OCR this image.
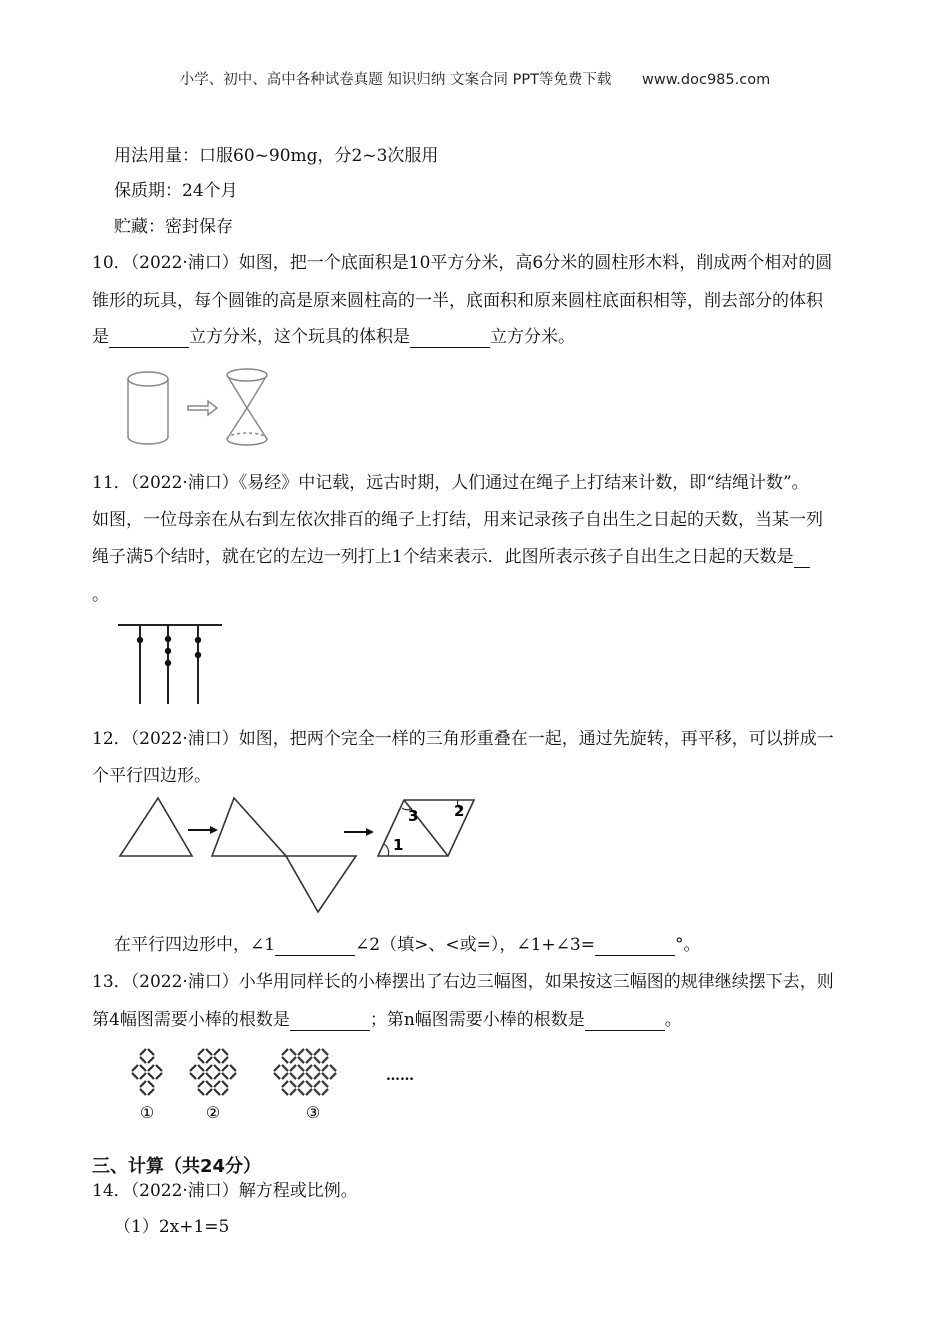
小学、初中、高中各种试卷真题 知识归纳 文案合同 PPT等免费下载 www.doc985.com
用法用量：口服60~90mg，分2~3次服用
保质期：24个月
贮藏：密封保存
10．（2022·浦口）如图，把一个底面积是10平方分米，高6分米的圆柱形木料，削成两个相对的圆
锥形的玩具，每个圆锥的高是原来圆柱高的一半，底面积和原来圆柱底面积相等，削去部分的体积
是	立方分米，这个玩具的体积是	立方分米。
11．（2022·浦口）《易经》中记载，远古时期，人们通过在绳子上打结来计数，即“结绳计数”。
如图，一位母亲在从右到左依次排百的绳子上打结，用来记录孩子自出生之日起的天数，当某一列
绳子满5个结时，就在它的左边一列打上1个结来表示．此图所表示孩子自出生之日起的天数是
。
12．（2022·浦口）如图，把两个完全一样的三角形重叠在一起，通过先旋转，再平移，可以拼成一
个平行四边形。
1
2
3
在平行四边形中，∠1	∠2（填>、<或=），∠1+∠3=	°。
13．（2022·浦口）小华用同样长的小棒摆出了右边三幅图，如果按这三幅图的规律继续摆下去，则
第4幅图需要小棒的根数是	；第n幅图需要小棒的根数是	。
①	②	③
……
三、计算（共24分）
14．（2022·浦口）解方程或比例。
（1）2x+1=5
